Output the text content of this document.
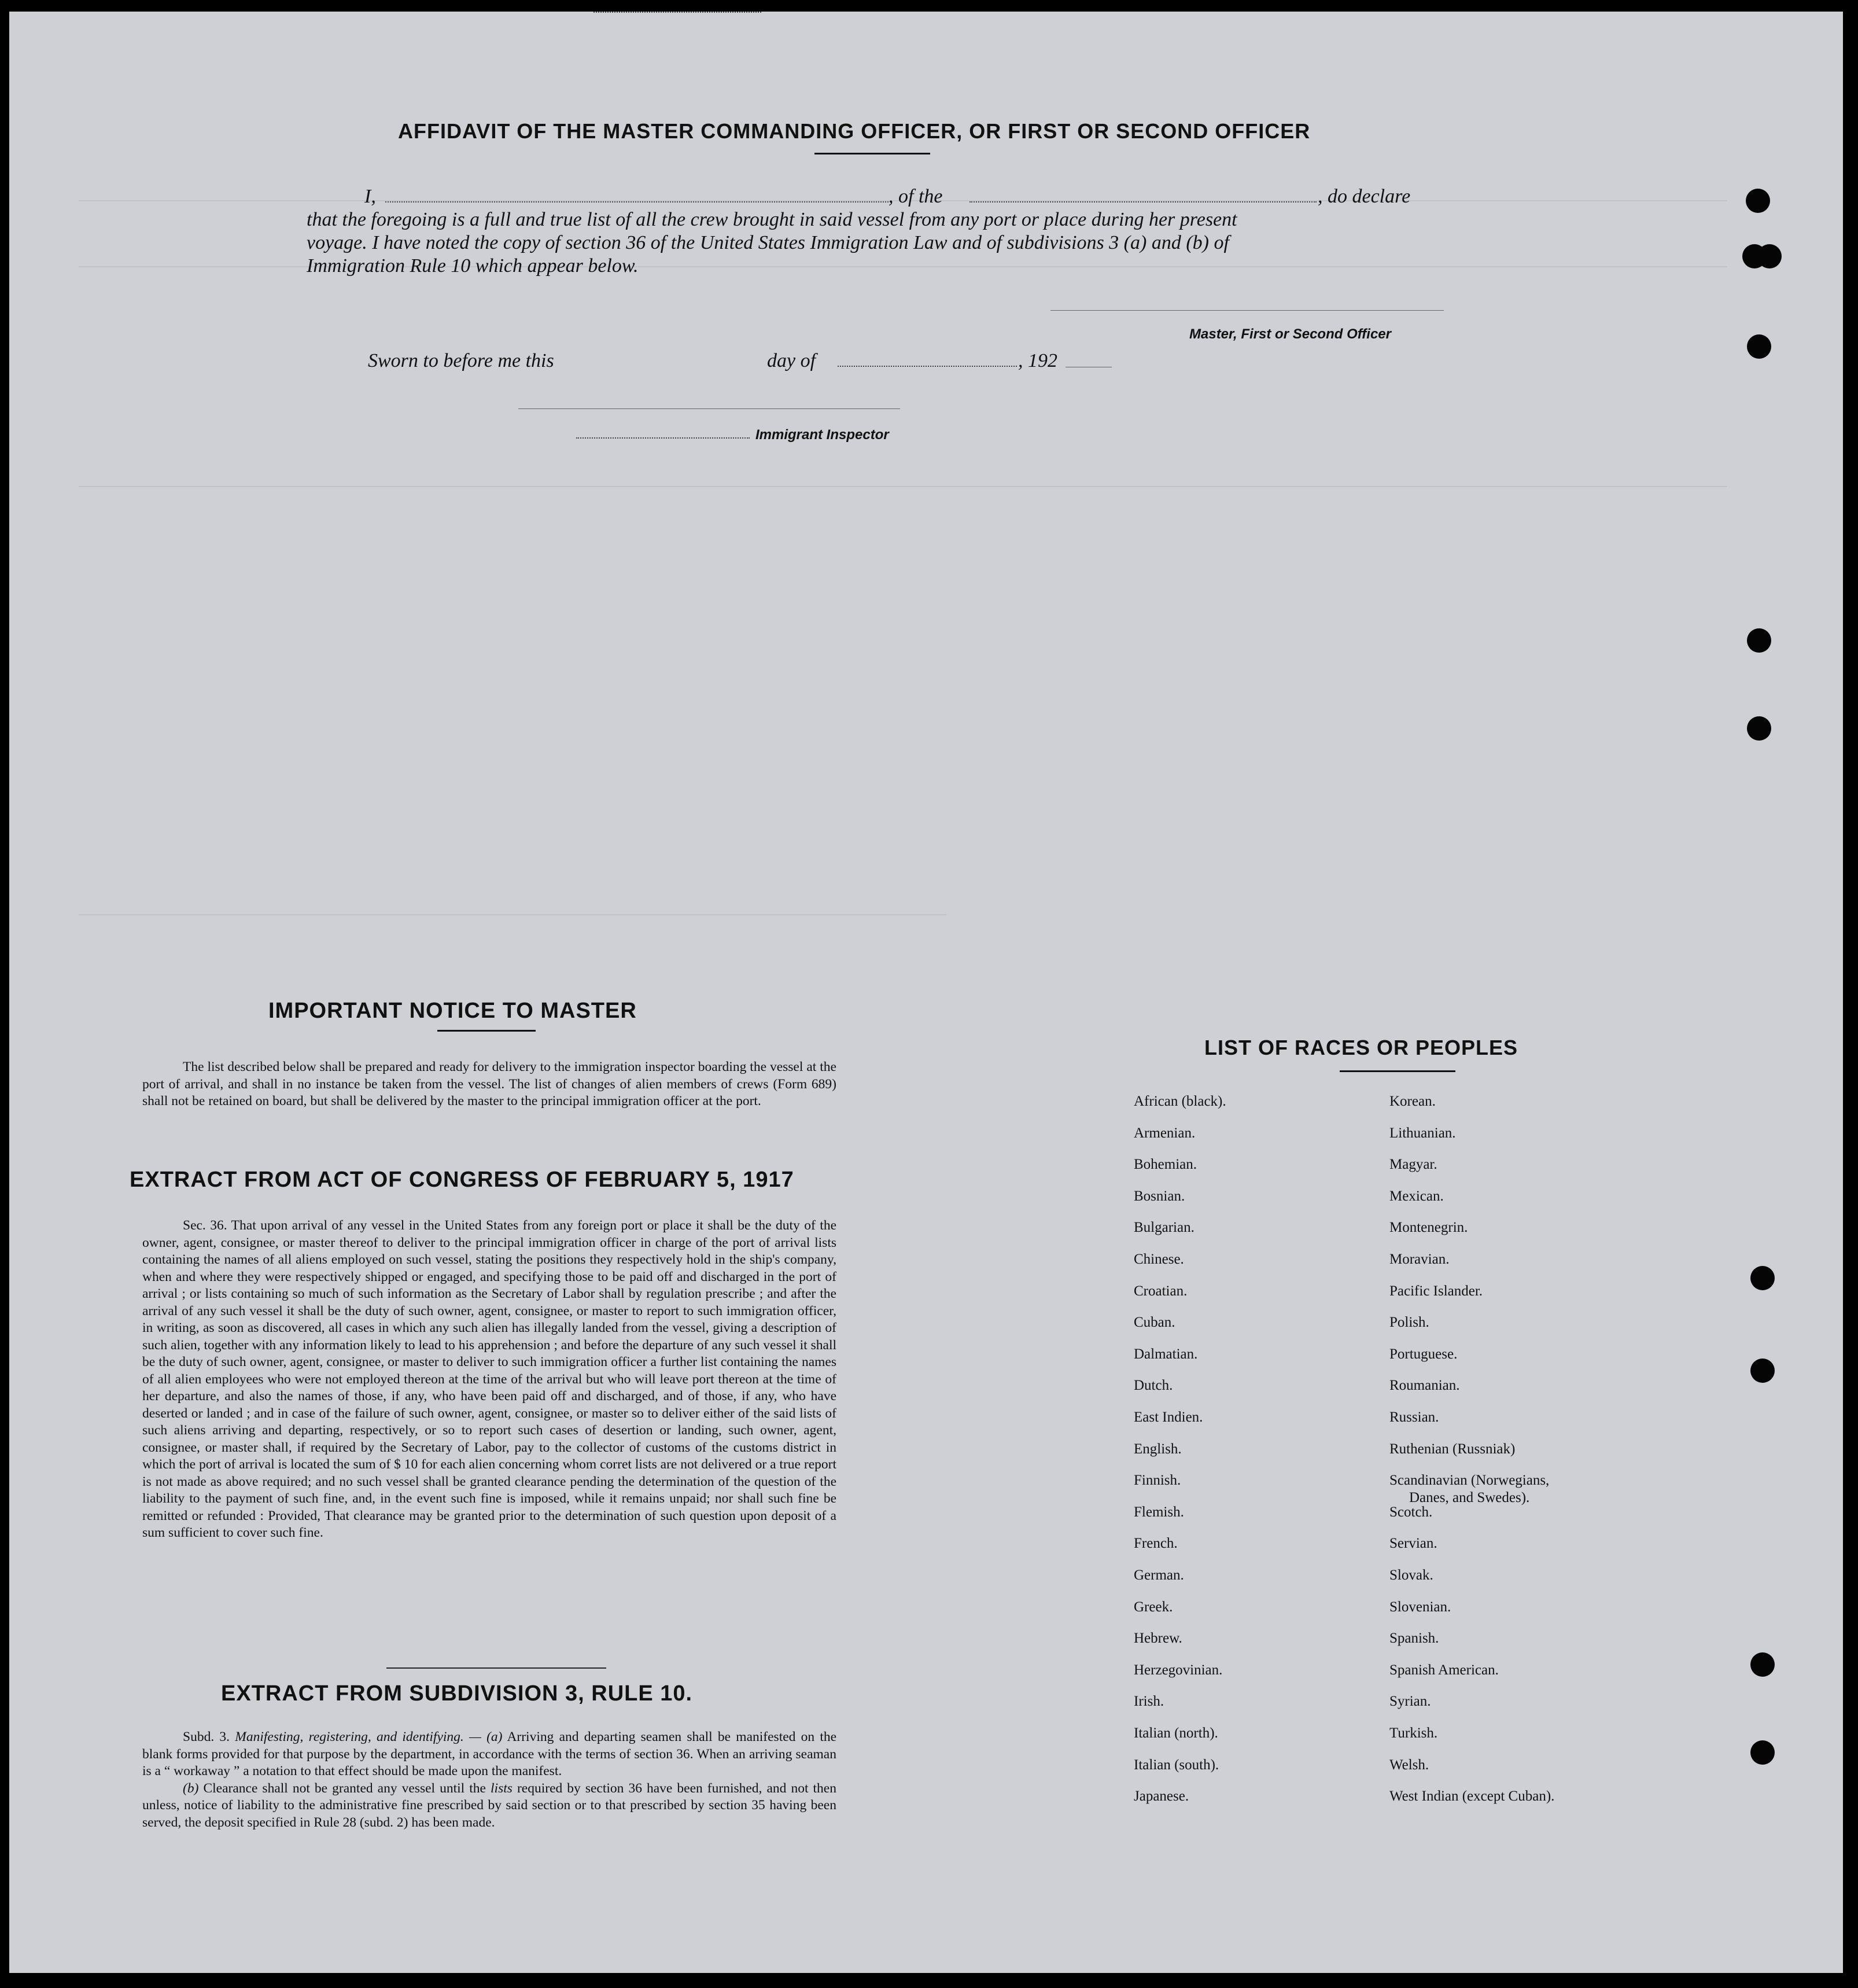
AFFIDAVIT OF THE MASTER COMMANDING OFFICER, OR FIRST OR SECOND OFFICER
I,	, of the	, do declare
that the foregoing is a full and true list of all the crew brought in said vessel from any port or place during her present
voyage. I have noted the copy of section 36 of the United States Immigration Law and of subdivisions 3 (a) and (b) of
Immigration Rule 10 which appear below.
Master, First or Second Officer
Sworn to before me this	day of	, 192
Immigrant Inspector
IMPORTANT NOTICE TO MASTER
The list described below shall be prepared and ready for delivery to the immigration inspector boarding the vessel at the port of arrival, and shall in no instance be taken from the vessel. The list of changes of alien members of crews (Form 689) shall not be retained on board, but shall be delivered by the master to the principal immigration officer at the port.
EXTRACT FROM ACT OF CONGRESS OF FEBRUARY 5, 1917
Sec. 36. That upon arrival of any vessel in the United States from any foreign port or place it shall be the duty of the owner, agent, consignee, or master thereof to deliver to the principal immigration officer in charge of the port of arrival lists containing the names of all aliens employed on such vessel, stating the positions they respectively hold in the ship's company, when and where they were respectively shipped or engaged, and specifying those to be paid off and discharged in the port of arrival ; or lists containing so much of such information as the Secretary of Labor shall by regulation prescribe ; and after the arrival of any such vessel it shall be the duty of such owner, agent, consignee, or master to report to such immigration officer, in writing, as soon as discovered, all cases in which any such alien has illegally landed from the vessel, giving a description of such alien, together with any information likely to lead to his apprehension ; and before the departure of any such vessel it shall be the duty of such owner, agent, consignee, or master to deliver to such immigration officer a further list containing the names of all alien employees who were not employed thereon at the time of the arrival but who will leave port thereon at the time of her departure, and also the names of those, if any, who have been paid off and discharged, and of those, if any, who have deserted or landed ; and in case of the failure of such owner, agent, consignee, or master so to deliver either of the said lists of such aliens arriving and departing, respectively, or so to report such cases of desertion or landing, such owner, agent, consignee, or master shall, if required by the Secretary of Labor, pay to the collector of customs of the customs district in which the port of arrival is located the sum of $ 10 for each alien concerning whom corret lists are not delivered or a true report is not made as above required; and no such vessel shall be granted clearance pending the determination of the question of the liability to the payment of such fine, and, in the event such fine is imposed, while it remains unpaid; nor shall such fine be remitted or refunded : Provided, That clearance may be granted prior to the determination of such question upon deposit of a sum sufficient to cover such fine.
EXTRACT FROM SUBDIVISION 3, RULE 10.

Subd. 3. Manifesting, registering, and identifying. — (a) Arriving and departing seamen shall be manifested on the blank forms provided for that purpose by the department, in accordance with the terms of section 36. When an arriving seaman is a “ workaway ” a notation to that effect should be made upon the manifest.

(b) Clearance shall not be granted any vessel until the lists required by section 36 have been furnished, and not then unless, notice of liability to the administrative fine prescribed by said section or to that prescribed by section 35 having been served, the deposit specified in Rule 28 (subd. 2) has been made.

LIST OF RACES OR PEOPLES
African (black).
Armenian.
Bohemian.
Bosnian.
Bulgarian.
Chinese.
Croatian.
Cuban.
Dalmatian.
Dutch.
East Indien.
English.
Finnish.
Flemish.
French.
German.
Greek.
Hebrew.
Herzegovinian.
Irish.
Italian (north).
Italian (south).
Japanese.
Korean.
Lithuanian.
Magyar.
Mexican.
Montenegrin.
Moravian.
Pacific Islander.
Polish.
Portuguese.
Roumanian.
Russian.
Ruthenian (Russniak)
Scandinavian (Norwegians,
Danes, and Swedes).
Scotch.
Servian.
Slovak.
Slovenian.
Spanish.
Spanish American.
Syrian.
Turkish.
Welsh.
West Indian (except Cuban).
